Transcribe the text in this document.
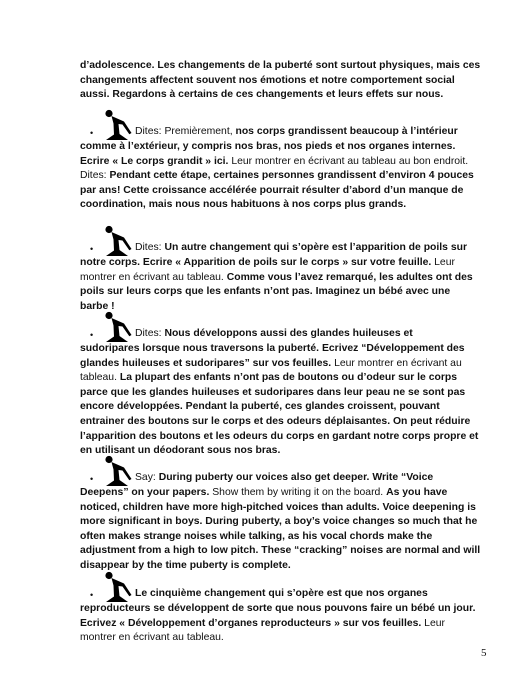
d’adolescence. Les changements de la puberté sont surtout physiques, mais ces
changements affectent souvent nos émotions et notre comportement social
aussi. Regardons à certains de ces changements et leurs effets sur nous.
•	Dites: Premièrement, nos corps grandissent beaucoup à l’intérieur
comme à l’extérieur, y compris nos bras, nos pieds et nos organes internes.
Ecrire « Le corps grandit » ici. Leur montrer en écrivant au tableau au bon endroit.
Dites: Pendant cette étape, certaines personnes grandissent d’environ 4 pouces
par ans! Cette croissance accélérée pourrait résulter d’abord d’un manque de
coordination, mais nous nous habituons à nos corps plus grands.
•	Dites: Un autre changement qui s’opère est l’apparition de poils sur
notre corps. Ecrire « Apparition de poils sur le corps » sur votre feuille. Leur
montrer en écrivant au tableau. Comme vous l’avez remarqué, les adultes ont des
poils sur leurs corps que les enfants n’ont pas. Imaginez un bébé avec une
barbe !
•	Dites: Nous développons aussi des glandes huileuses et
sudoripares lorsque nous traversons la puberté. Ecrivez “Développement des
glandes huileuses et sudoripares” sur vos feuilles. Leur montrer en écrivant au
tableau. La plupart des enfants n’ont pas de boutons ou d’odeur sur le corps
parce que les glandes huileuses et sudoripares dans leur peau ne se sont pas
encore développées. Pendant la puberté, ces glandes croissent, pouvant
entrainer des boutons sur le corps et des odeurs déplaisantes. On peut réduire
l’apparition des boutons et les odeurs du corps en gardant notre corps propre et
en utilisant un déodorant sous nos bras.
•	Say: During puberty our voices also get deeper. Write “Voice
Deepens” on your papers. Show them by writing it on the board. As you have
noticed, children have more high-pitched voices than adults. Voice deepening is
more significant in boys. During puberty, a boy’s voice changes so much that he
often makes strange noises while talking, as his vocal chords make the
adjustment from a high to low pitch. These “cracking” noises are normal and will
disappear by the time puberty is complete.
•	Le cinquième changement qui s’opère est que nos organes
reproducteurs se développent de sorte que nous pouvons faire un bébé un jour.
Ecrivez « Développement d’organes reproducteurs » sur vos feuilles. Leur
montrer en écrivant au tableau.
5
